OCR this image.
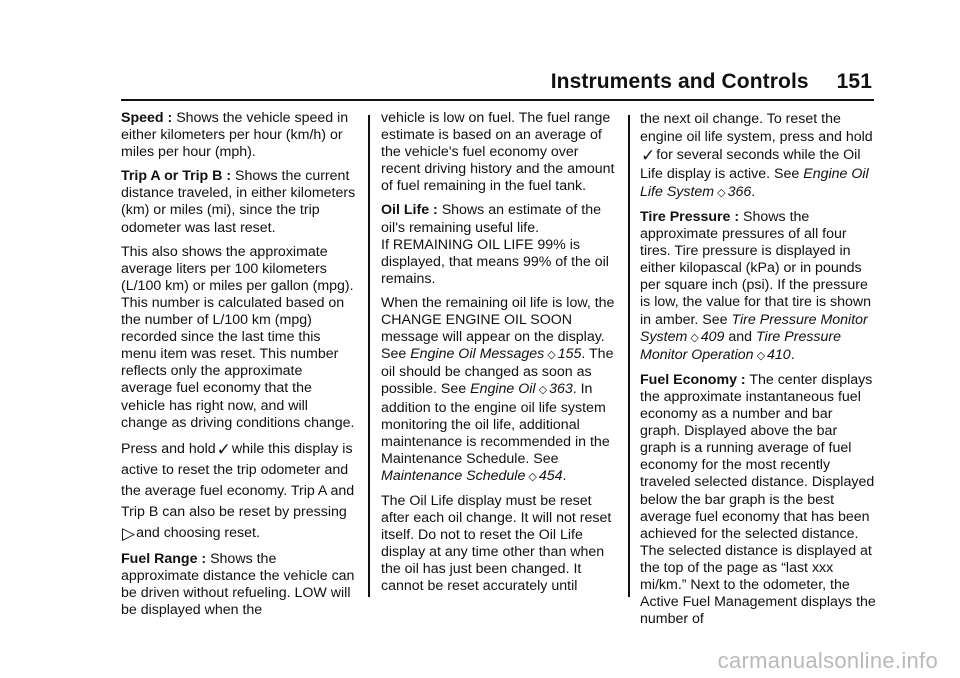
Instruments and Controls 151

Speed : Shows the vehicle speed in either kilometers per hour (km/h) or miles per hour (mph).

Trip A or Trip B : Shows the current distance traveled, in either kilometers (km) or miles (mi), since the trip odometer was last reset.

This also shows the approximate average liters per 100 kilometers (L/100 km) or miles per gallon (mpg). This number is calculated based on the number of L/100 km (mpg) recorded since the last time this menu item was reset. This number reflects only the approximate average fuel economy that the vehicle has right now, and will change as driving conditions change.

Press and hold✓while this display is active to reset the trip odometer and the average fuel economy. Trip A and Trip B can also be reset by pressing▷and choosing reset.

Fuel Range : Shows the approximate distance the vehicle can be driven without refueling. LOW will be displayed when the

vehicle is low on fuel. The fuel range estimate is based on an average of the vehicle's fuel economy over recent driving history and the amount of fuel remaining in the fuel tank.

Oil Life : Shows an estimate of the oil's remaining useful life.

If REMAINING OIL LIFE 99% is displayed, that means 99% of the oil remains.

When the remaining oil life is low, the CHANGE ENGINE OIL SOON message will appear on the display. See Engine Oil Messages ◇ 155. The oil should be changed as soon as possible. See Engine Oil ◇ 363. In addition to the engine oil life system monitoring the oil life, additional maintenance is recommended in the Maintenance Schedule. See Maintenance Schedule ◇ 454.

The Oil Life display must be reset after each oil change. It will not reset itself. Do not to reset the Oil Life display at any time other than when the oil has just been changed. It cannot be reset accurately until

the next oil change. To reset the engine oil life system, press and hold✓for several seconds while the Oil Life display is active. See Engine Oil Life System ◇ 366.

Tire Pressure : Shows the approximate pressures of all four tires. Tire pressure is displayed in either kilopascal (kPa) or in pounds per square inch (psi). If the pressure is low, the value for that tire is shown in amber. See Tire Pressure Monitor System ◇ 409 and Tire Pressure Monitor Operation ◇ 410.

Fuel Economy : The center displays the approximate instantaneous fuel economy as a number and bar graph. Displayed above the bar graph is a running average of fuel economy for the most recently traveled selected distance. Displayed below the bar graph is the best average fuel economy that has been achieved for the selected distance. The selected distance is displayed at the top of the page as “last xxx mi/km.” Next to the odometer, the Active Fuel Management displays the number of

carmanualsonline.info
